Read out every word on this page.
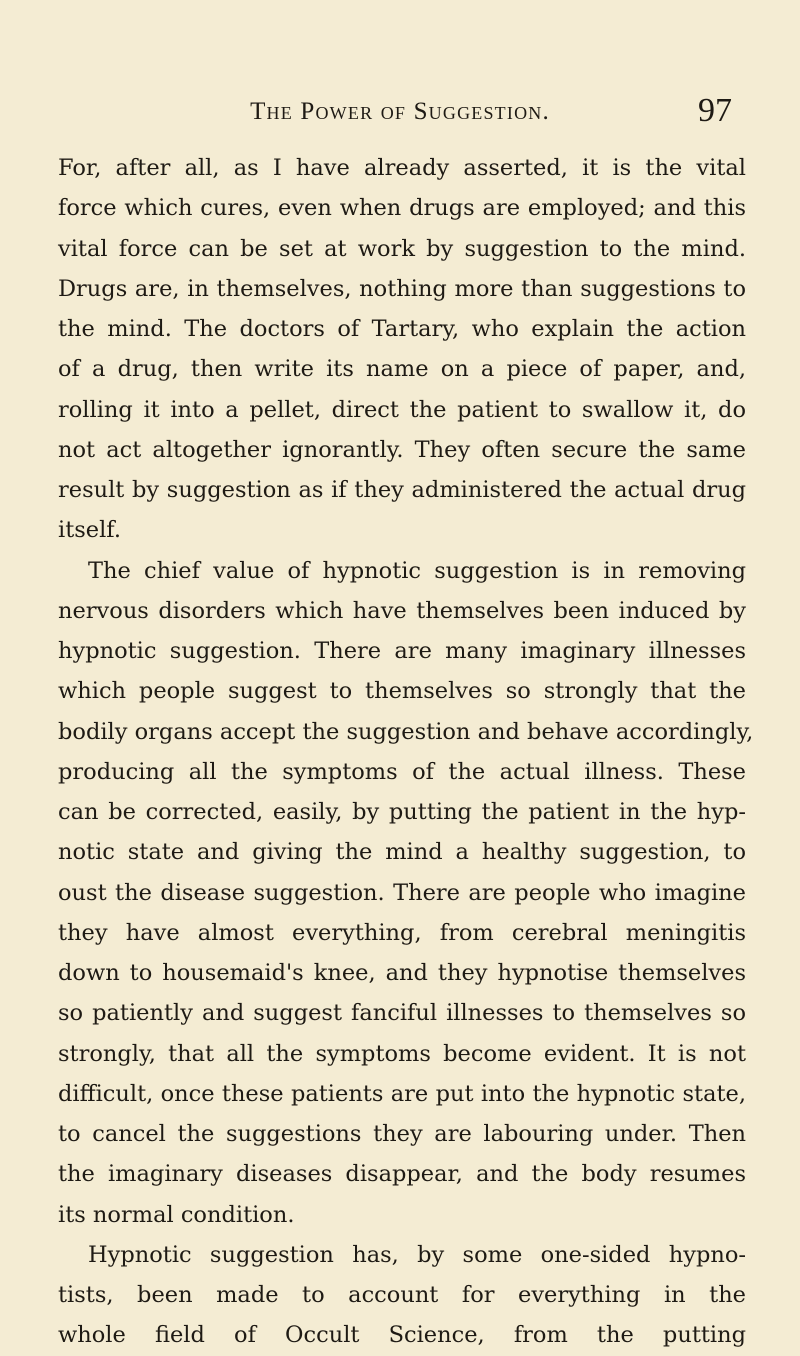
The Power of Suggestion.	97
For, after all, as I have already asserted, it is the vital
force which cures, even when drugs are employed; and this
vital force can be set at work by suggestion to the mind.
Drugs are, in themselves, nothing more than suggestions to
the mind. The doctors of Tartary, who explain the action
of a drug, then write its name on a piece of paper, and,
rolling it into a pellet, direct the patient to swallow it, do
not act altogether ignorantly. They often secure the same
result by suggestion as if they administered the actual drug
itself.
The chief value of hypnotic suggestion is in removing
nervous disorders which have themselves been induced by
hypnotic suggestion. There are many imaginary illnesses
which people suggest to themselves so strongly that the
bodily organs accept the suggestion and behave accordingly,
producing all the symptoms of the actual illness. These
can be corrected, easily, by putting the patient in the hyp-
notic state and giving the mind a healthy suggestion, to
oust the disease suggestion. There are people who imagine
they have almost everything, from cerebral meningitis
down to housemaid's knee, and they hypnotise themselves
so patiently and suggest fanciful illnesses to themselves so
strongly, that all the symptoms become evident. It is not
difficult, once these patients are put into the hypnotic state,
to cancel the suggestions they are labouring under. Then
the imaginary diseases disappear, and the body resumes
its normal condition.
Hypnotic suggestion has, by some one-sided hypno-
tists, been made to account for everything in the
whole field of Occult Science, from the putting
